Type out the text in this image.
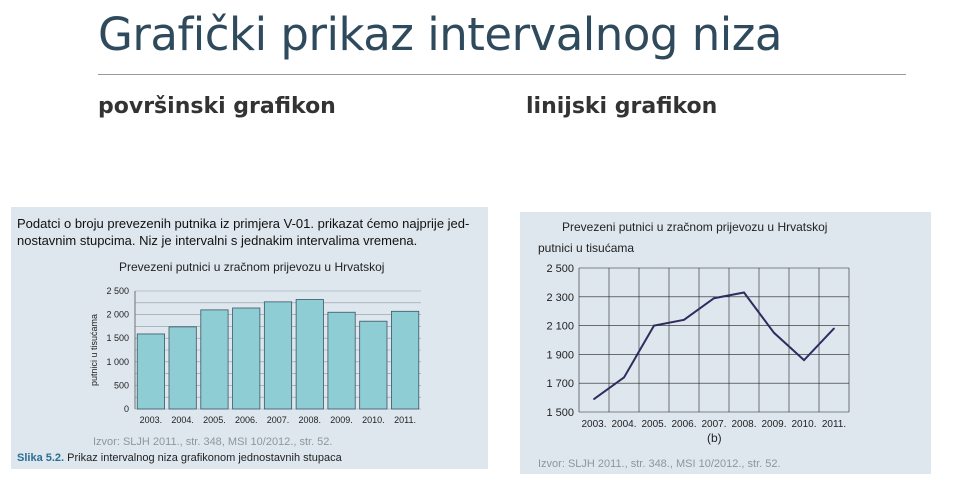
Grafički prikaz intervalnog niza
površinski grafikon	linijski grafikon
Podatci o broju prevezenih putnika iz primjera V-01. prikazat ćemo najprije jed-
nostavnim stupcima. Niz je intervalni s jednakim intervalima vremena.
Prevezeni putnici u zračnom prijevozu u Hrvatskoj
putnici u tisućama
2003. 2004. 2005. 2006. 2007. 2008. 2009. 2010. 2011.
0
500
1 000
1 500
2 000
2 500
Izvor: SLJH 2011., str. 348, MSI 10/2012., str. 52.
Slika 5.2. Prikaz intervalnog niza grafikonom jednostavnih stupaca
Prevezeni putnici u zračnom prijevozu u Hrvatskoj
putnici u tisućama
2003. 2004. 2005. 2006. 2007. 2008. 2009. 2010. 2011.
1 500
1 700
1 900
2 100
2 300
2 500
(b)
Izvor: SLJH 2011., str. 348., MSI 10/2012., str. 52.
